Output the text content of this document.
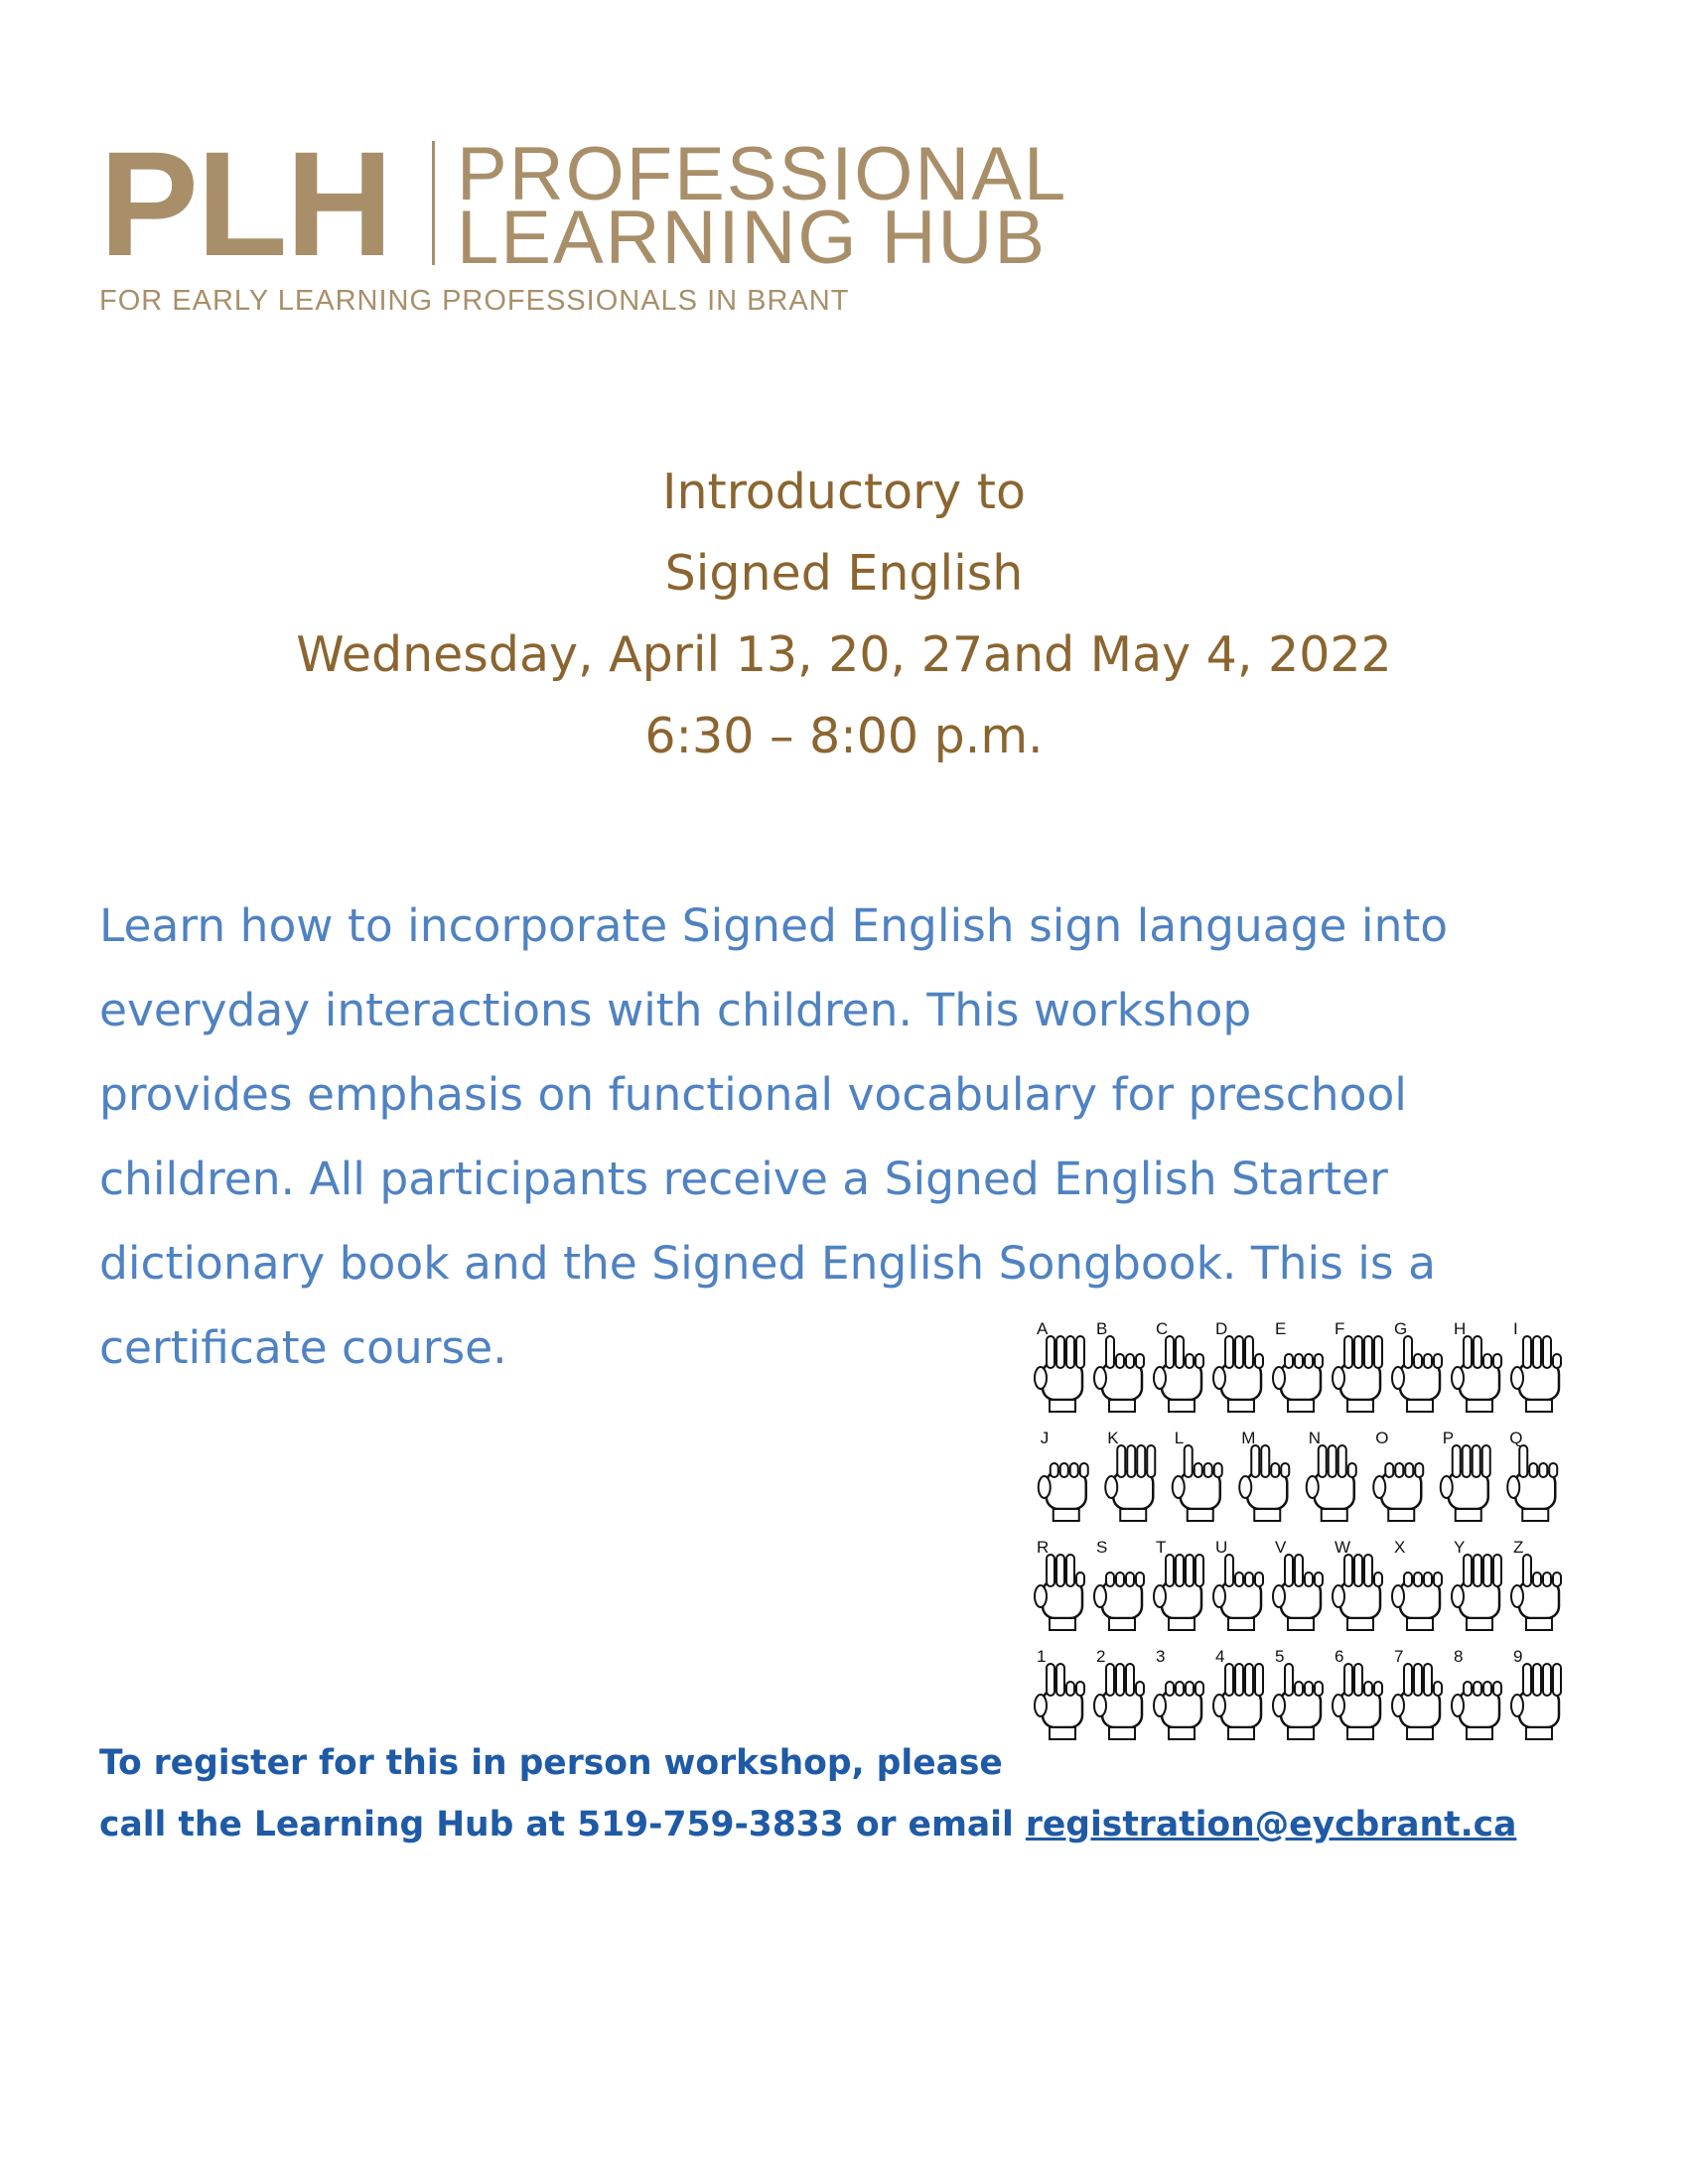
PLH PROFESSIONAL
LEARNING HUB
FOR EARLY LEARNING PROFESSIONALS IN BRANT
Introductory to
Signed English
Wednesday, April 13, 20, 27and May 4, 2022
6:30 – 8:00 p.m.
Learn how to incorporate Signed English sign language into
everyday interactions with children. This workshop
provides emphasis on functional vocabulary for preschool
children. All participants receive a Signed English Starter
dictionary book and the Signed English Songbook. This is a
certificate course.	A	B	C	D	E	F	G	H	I
J	K	L	M	N	O	P	Q
R	S	T	U	V	W	X	Y	Z
1	2	3	4	5	6	7	8	9
To register for this in person workshop, please
call the Learning Hub at 519-759-3833 or email registration@eycbrant.ca
